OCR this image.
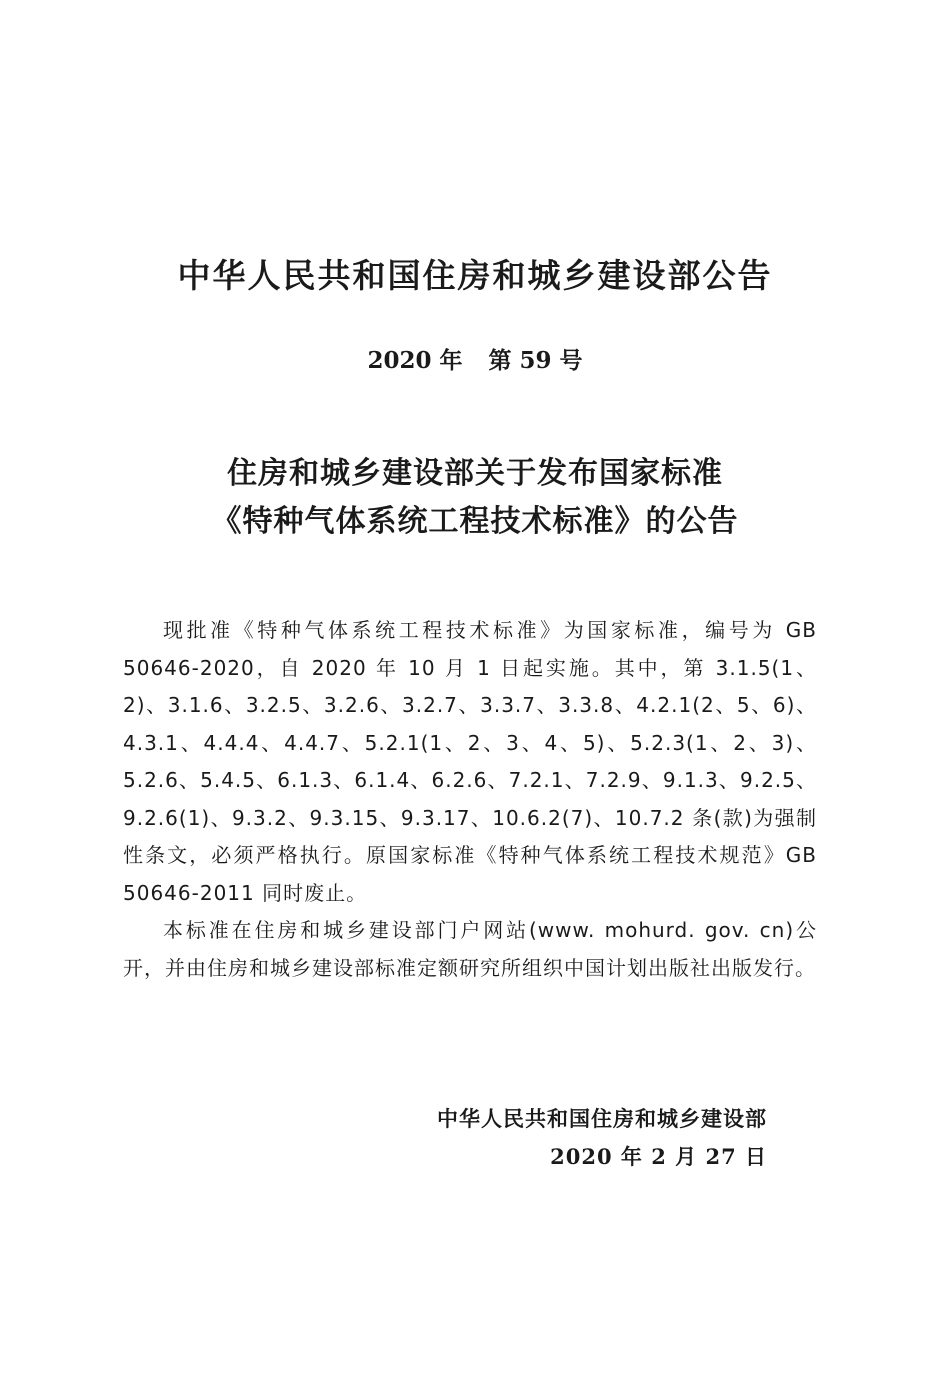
中华人民共和国住房和城乡建设部公告
2020 年 第 59 号
住房和城乡建设部关于发布国家标准
《特种气体系统工程技术标准》的公告

现批准《特种气体系统工程技术标准》为国家标准，编号为 GB 50646-2020，自 2020 年 10 月 1 日起实施。其中，第 3.1.5(1、2)、3.1.6、3.2.5、3.2.6、3.2.7、3.3.7、3.3.8、4.2.1(2、5、6)、4.3.1、4.4.4、4.4.7、5.2.1(1、2、3、4、5)、5.2.3(1、2、3)、5.2.6、5.4.5、6.1.3、6.1.4、6.2.6、7.2.1、7.2.9、9.1.3、9.2.5、9.2.6(1)、9.3.2、9.3.15、9.3.17、10.6.2(7)、10.7.2 条(款)为强制性条文，必须严格执行。原国家标准《特种气体系统工程技术规范》GB 50646-2011 同时废止。

本标准在住房和城乡建设部门户网站(www. mohurd. gov. cn)公开，并由住房和城乡建设部标准定额研究所组织中国计划出版社出版发行。

中华人民共和国住房和城乡建设部
2020 年 2 月 27 日
